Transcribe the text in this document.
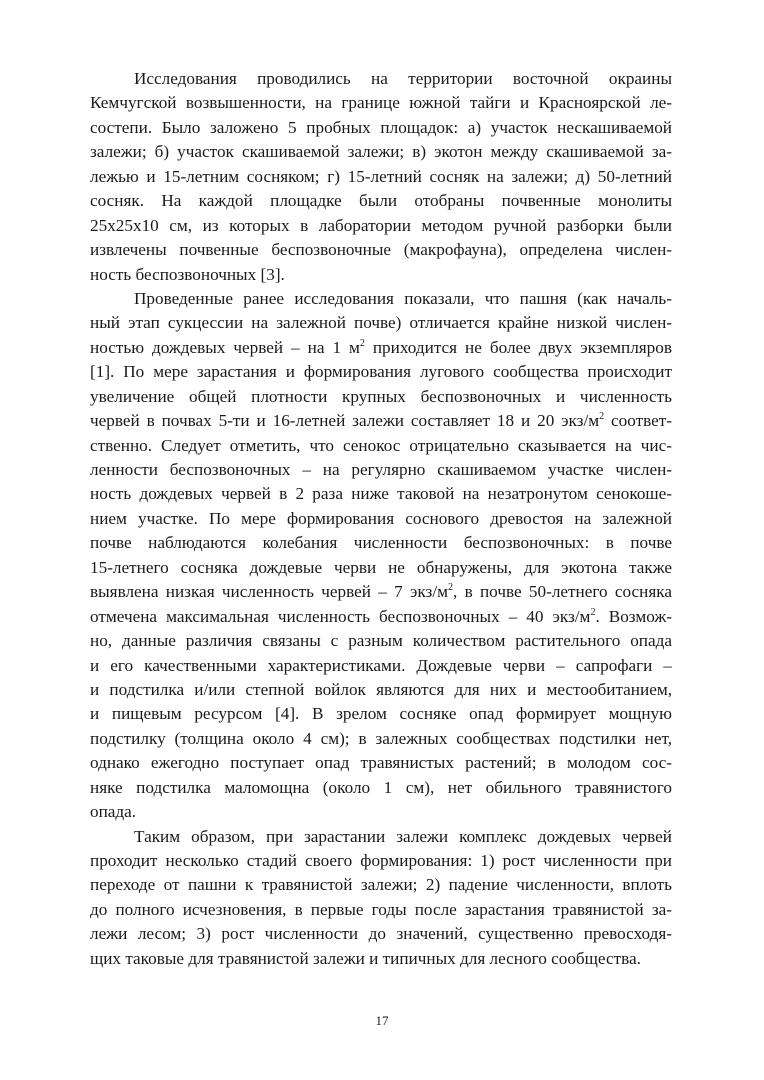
Исследования проводились на территории восточной окраины
Кемчугской возвышенности, на границе южной тайги и Красноярской ле-
состепи. Было заложено 5 пробных площадок: а) участок нескашиваемой
залежи; б) участок скашиваемой залежи; в) экотон между скашиваемой за-
лежью и 15-летним сосняком; г) 15-летний сосняк на залежи; д) 50-летний
сосняк. На каждой площадке были отобраны почвенные монолиты
25х25х10 см, из которых в лаборатории методом ручной разборки были
извлечены почвенные беспозвоночные (макрофауна), определена числен-
ность беспозвоночных [3].

Проведенные ранее исследования показали, что пашня (как началь-
ный этап сукцессии на залежной почве) отличается крайне низкой числен-
ностью дождевых червей – на 1 $м^2$ приходится не более двух экземпляров
[1]. По мере зарастания и формирования лугового сообщества происходит
увеличение общей плотности крупных беспозвоночных и численность
червей в почвах 5-ти и 16-летней залежи составляет 18 и 20 экз/$м^2$ соответ-
ственно. Следует отметить, что сенокос отрицательно сказывается на чис-
ленности беспозвоночных – на регулярно скашиваемом участке числен-
ность дождевых червей в 2 раза ниже таковой на незатронутом сенокоше-
нием участке. По мере формирования соснового древостоя на залежной
почве наблюдаются колебания численности беспозвоночных: в почве
15-летнего сосняка дождевые черви не обнаружены, для экотона также
выявлена низкая численность червей – 7 экз/$м^2$, в почве 50-летнего сосняка
отмечена максимальная численность беспозвоночных – 40 экз/$м^2$. Возмож-
но, данные различия связаны с разным количеством растительного опада
и его качественными характеристиками. Дождевые черви – сапрофаги –
и подстилка и/или степной войлок являются для них и местообитанием,
и пищевым ресурсом [4]. В зрелом сосняке опад формирует мощную
подстилку (толщина около 4 см); в залежных сообществах подстилки нет,
однако ежегодно поступает опад травянистых растений; в молодом сос-
няке подстилка маломощна (около 1 см), нет обильного травянистого
опада.

Таким образом, при зарастании залежи комплекс дождевых червей
проходит несколько стадий своего формирования: 1) рост численности при
переходе от пашни к травянистой залежи; 2) падение численности, вплоть
до полного исчезновения, в первые годы после зарастания травянистой за-
лежи лесом; 3) рост численности до значений, существенно превосходя-
щих таковые для травянистой залежи и типичных для лесного сообщества.

17
